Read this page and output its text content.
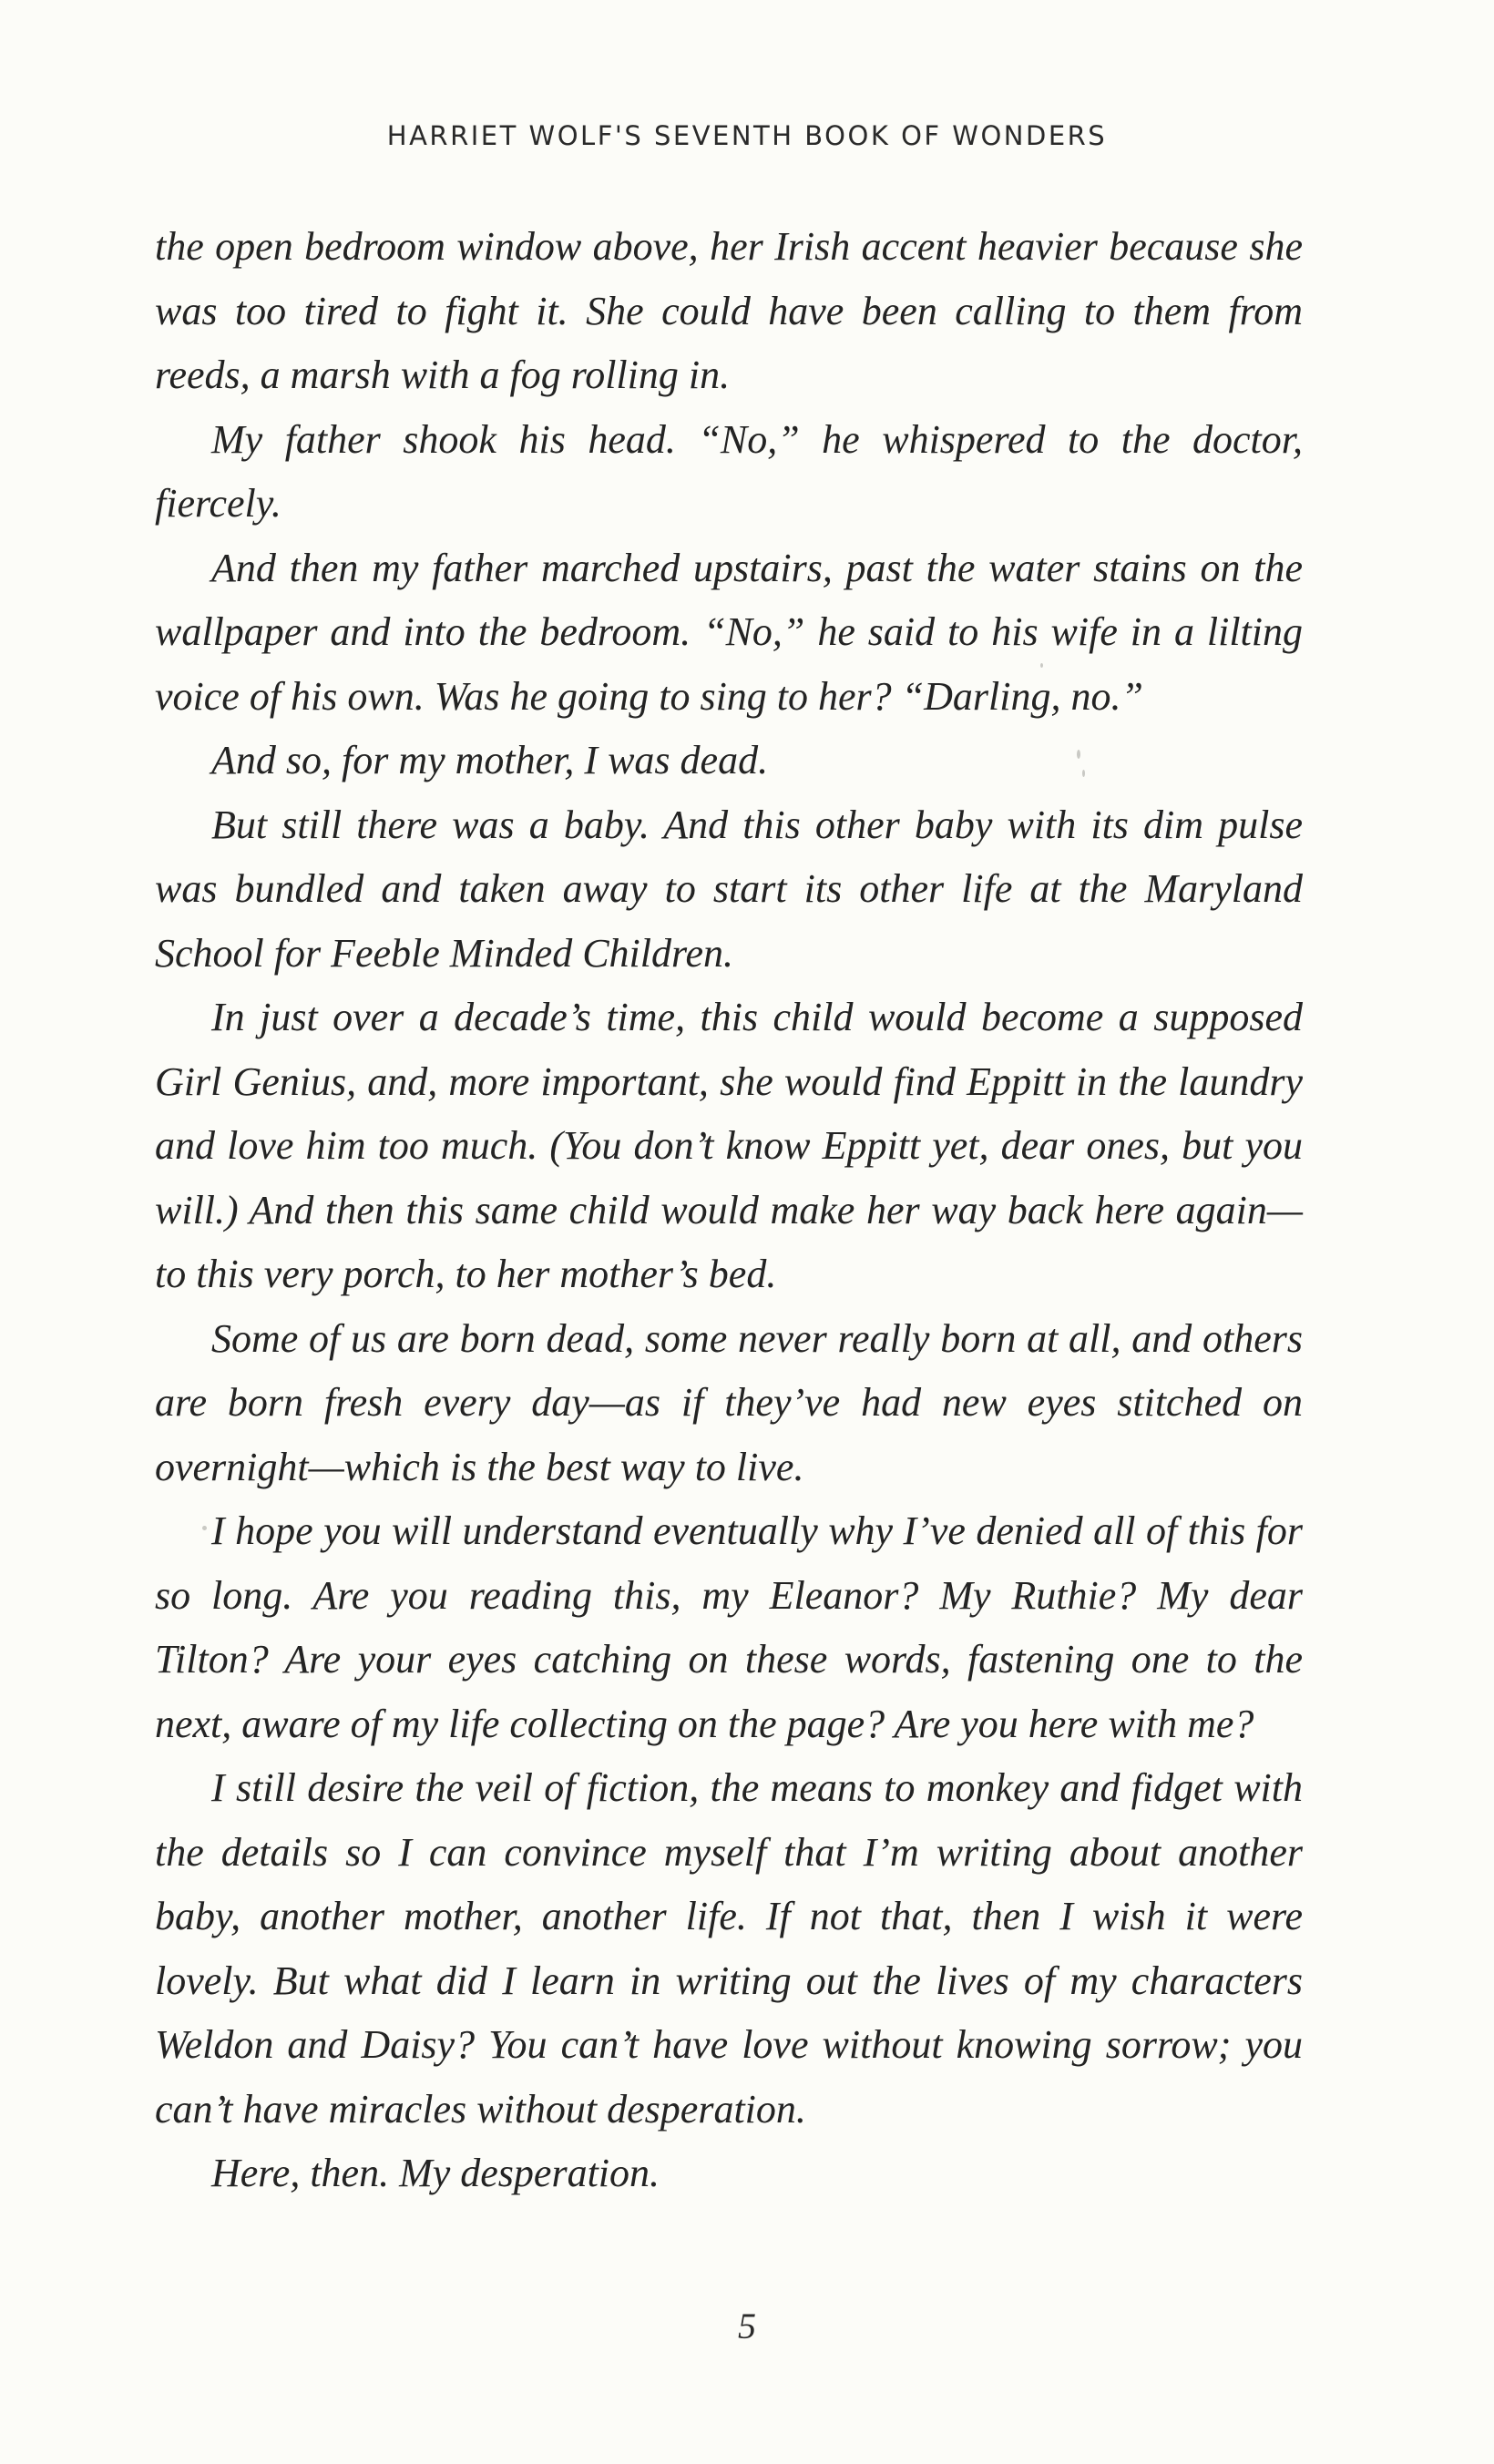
HARRIET WOLF'S SEVENTH BOOK OF WONDERS

the open bedroom window above, her Irish accent heavier because she was too tired to fight it. She could have been calling to them from reeds, a marsh with a fog rolling in.

My father shook his head. “No,” he whispered to the doctor, fiercely.

And then my father marched upstairs, past the water stains on the wallpaper and into the bedroom. “No,” he said to his wife in a lilting voice of his own. Was he going to sing to her? “Darling, no.”

And so, for my mother, I was dead.

But still there was a baby. And this other baby with its dim pulse was bundled and taken away to start its other life at the Maryland School for Feeble Minded Children.

In just over a decade’s time, this child would become a supposed Girl Genius, and, more important, she would find Eppitt in the laundry and love him too much. (You don’t know Eppitt yet, dear ones, but you will.) And then this same child would make her way back here again—to this very porch, to her mother’s bed.

Some of us are born dead, some never really born at all, and others are born fresh every day—as if they’ve had new eyes stitched on overnight—which is the best way to live.

I hope you will understand eventually why I’ve denied all of this for so long. Are you reading this, my Eleanor? My Ruthie? My dear Tilton? Are your eyes catching on these words, fastening one to the next, aware of my life collecting on the page? Are you here with me?

I still desire the veil of fiction, the means to monkey and fidget with the details so I can convince myself that I’m writing about another baby, another mother, another life. If not that, then I wish it were lovely. But what did I learn in writing out the lives of my characters Weldon and Daisy? You can’t have love without knowing sorrow; you can’t have miracles without desperation.

Here, then. My desperation.

5
